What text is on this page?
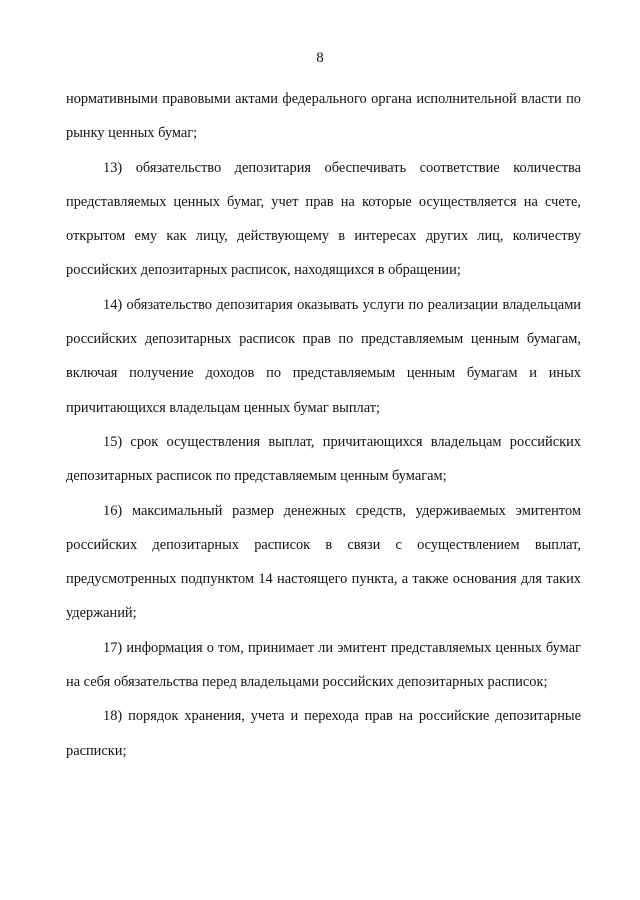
8

нормативными правовыми актами федерального органа исполнительной власти по рынку ценных бумаг;

13) обязательство депозитария обеспечивать соответствие количества представляемых ценных бумаг, учет прав на которые осуществляется на счете, открытом ему как лицу, действующему в интересах других лиц, количеству российских депозитарных расписок, находящихся в обращении;

14) обязательство депозитария оказывать услуги по реализации владельцами российских депозитарных расписок прав по представляемым ценным бумагам, включая получение доходов по представляемым ценным бумагам и иных причитающихся владельцам ценных бумаг выплат;

15) срок осуществления выплат, причитающихся владельцам российских депозитарных расписок по представляемым ценным бумагам;

16) максимальный размер денежных средств, удерживаемых эмитентом российских депозитарных расписок в связи с осуществлением выплат, предусмотренных подпунктом 14 настоящего пункта, а также основания для таких удержаний;

17) информация о том, принимает ли эмитент представляемых ценных бумаг на себя обязательства перед владельцами российских депозитарных расписок;

18) порядок хранения, учета и перехода прав на российские депозитарные расписки;
